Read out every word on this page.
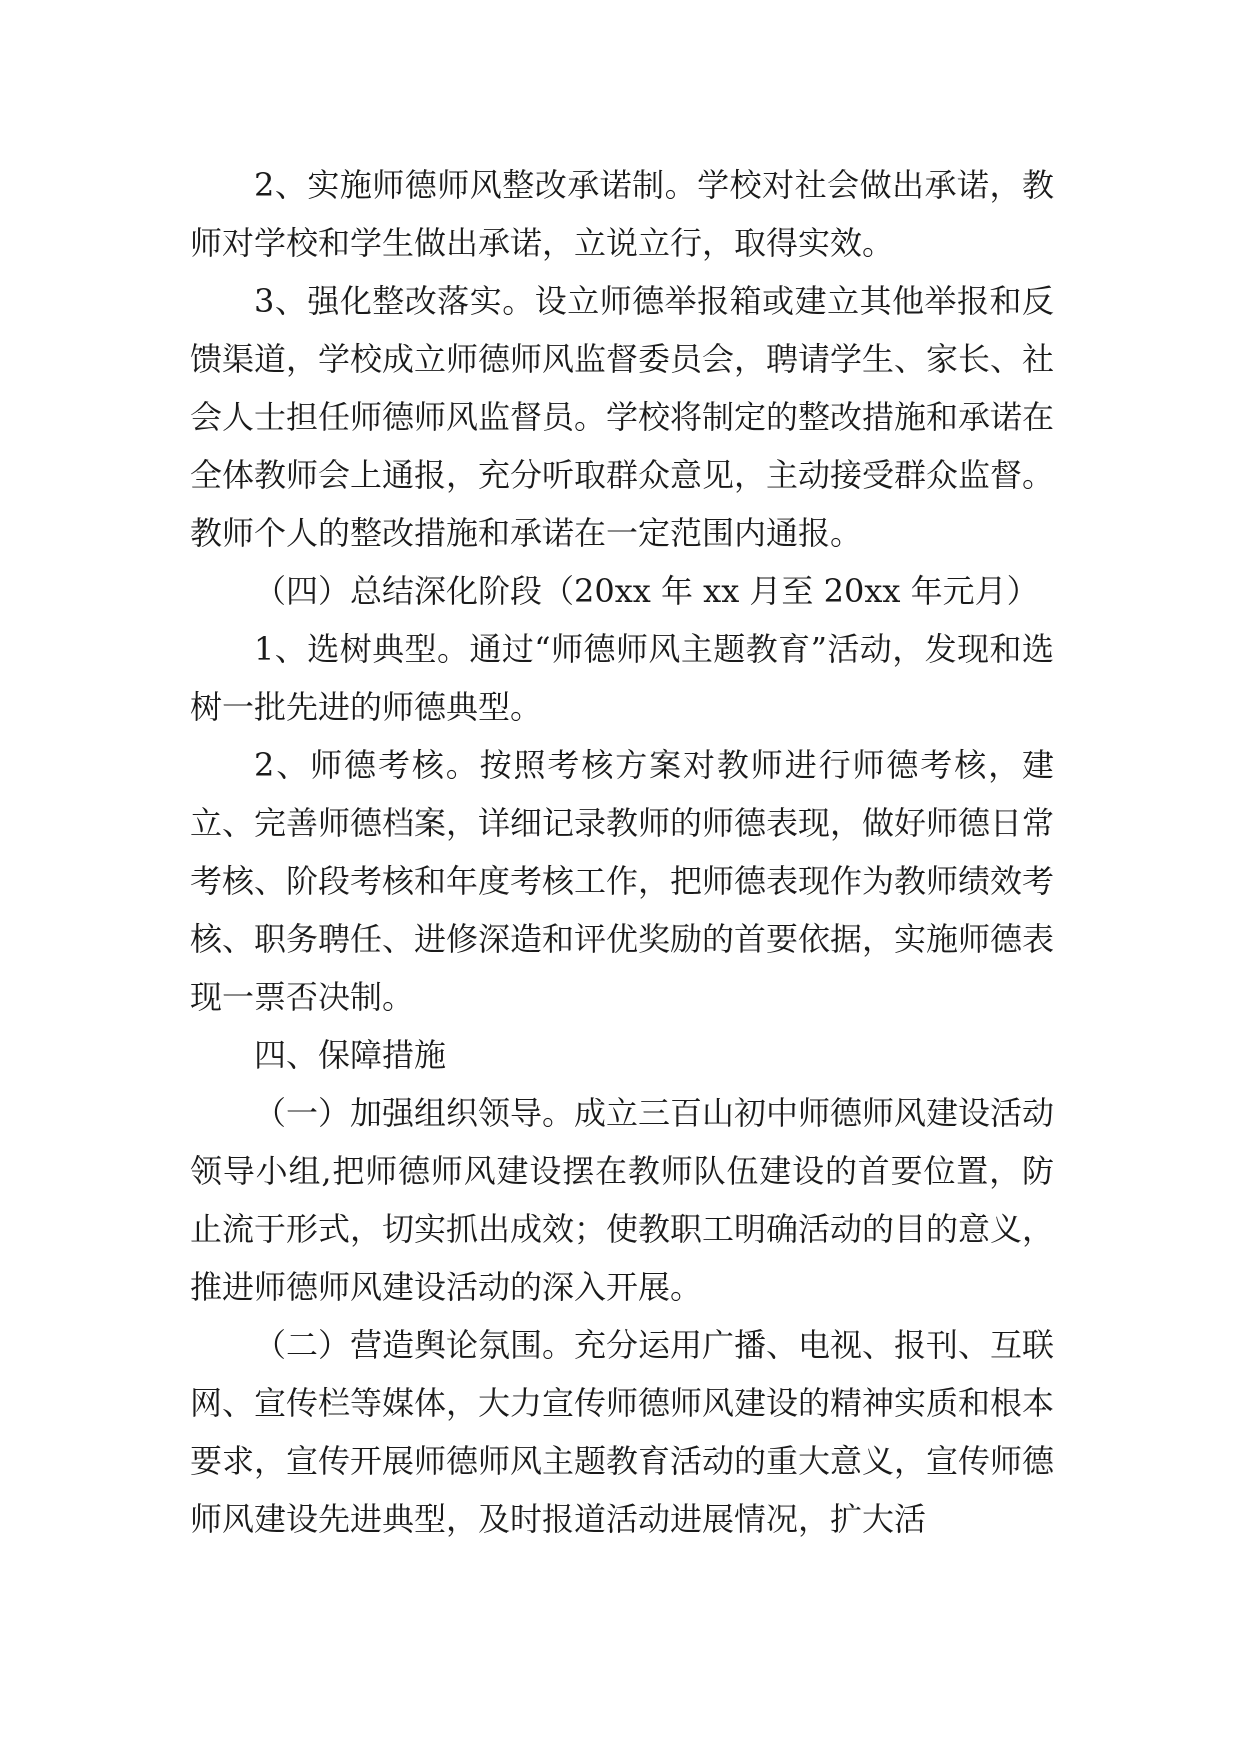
2、实施师德师风整改承诺制。学校对社会做出承诺，教师对学校和学生做出承诺，立说立行，取得实效。

3、强化整改落实。设立师德举报箱或建立其他举报和反馈渠道，学校成立师德师风监督委员会，聘请学生、家长、社会人士担任师德师风监督员。学校将制定的整改措施和承诺在全体教师会上通报，充分听取群众意见，主动接受群众监督。教师个人的整改措施和承诺在一定范围内通报。

（四）总结深化阶段（20xx 年 xx 月至 20xx 年元月）

1、选树典型。通过“师德师风主题教育”活动，发现和选树一批先进的师德典型。

2、师德考核。按照考核方案对教师进行师德考核，建立、完善师德档案，详细记录教师的师德表现，做好师德日常考核、阶段考核和年度考核工作，把师德表现作为教师绩效考核、职务聘任、进修深造和评优奖励的首要依据，实施师德表现一票否决制。

四、保障措施

（一）加强组织领导。成立三百山初中师德师风建设活动领导小组,把师德师风建设摆在教师队伍建设的首要位置，防止流于形式，切实抓出成效；使教职工明确活动的目的意义，推进师德师风建设活动的深入开展。

（二）营造舆论氛围。充分运用广播、电视、报刊、互联网、宣传栏等媒体，大力宣传师德师风建设的精神实质和根本要求，宣传开展师德师风主题教育活动的重大意义，宣传师德师风建设先进典型，及时报道活动进展情况，扩大活
